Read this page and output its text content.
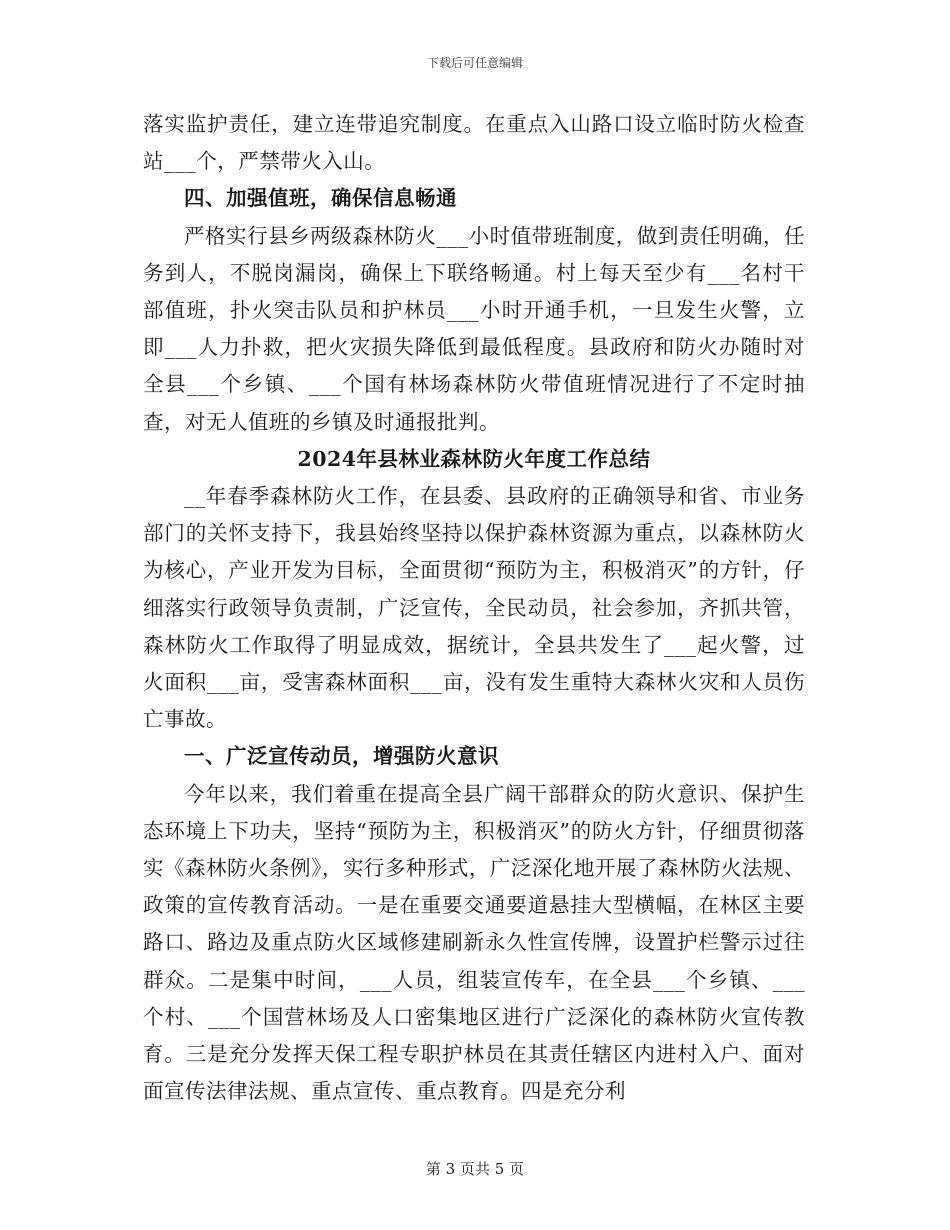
下载后可任意编辑

落实监护责任，建立连带追究制度。在重点入山路口设立临时防火检查站___个，严禁带火入山。

四、加强值班，确保信息畅通

严格实行县乡两级森林防火___小时值带班制度，做到责任明确，任务到人，不脱岗漏岗，确保上下联络畅通。村上每天至少有___名村干部值班，扑火突击队员和护林员___小时开通手机，一旦发生火警，立即___人力扑救，把火灾损失降低到最低程度。县政府和防火办随时对全县___个乡镇、___个国有林场森林防火带值班情况进行了不定时抽查，对无人值班的乡镇及时通报批判。

2024年县林业森林防火年度工作总结

__年春季森林防火工作，在县委、县政府的正确领导和省、市业务部门的关怀支持下，我县始终坚持以保护森林资源为重点，以森林防火为核心，产业开发为目标，全面贯彻“预防为主，积极消灭”的方针，仔细落实行政领导负责制，广泛宣传，全民动员，社会参加，齐抓共管，森林防火工作取得了明显成效，据统计，全县共发生了___起火警，过火面积___亩，受害森林面积___亩，没有发生重特大森林火灾和人员伤亡事故。

一、广泛宣传动员，增强防火意识

今年以来，我们着重在提高全县广阔干部群众的防火意识、保护生态环境上下功夫，坚持“预防为主，积极消灭”的防火方针，仔细贯彻落实《森林防火条例》，实行多种形式，广泛深化地开展了森林防火法规、政策的宣传教育活动。一是在重要交通要道悬挂大型横幅，在林区主要路口、路边及重点防火区域修建刷新永久性宣传牌，设置护栏警示过往群众。二是集中时间，___人员，组装宣传车，在全县___个乡镇、___个村、___个国营林场及人口密集地区进行广泛深化的森林防火宣传教育。三是充分发挥天保工程专职护林员在其责任辖区内进村入户、面对面宣传法律法规、重点宣传、重点教育。四是充分利

第 3 页共 5 页
